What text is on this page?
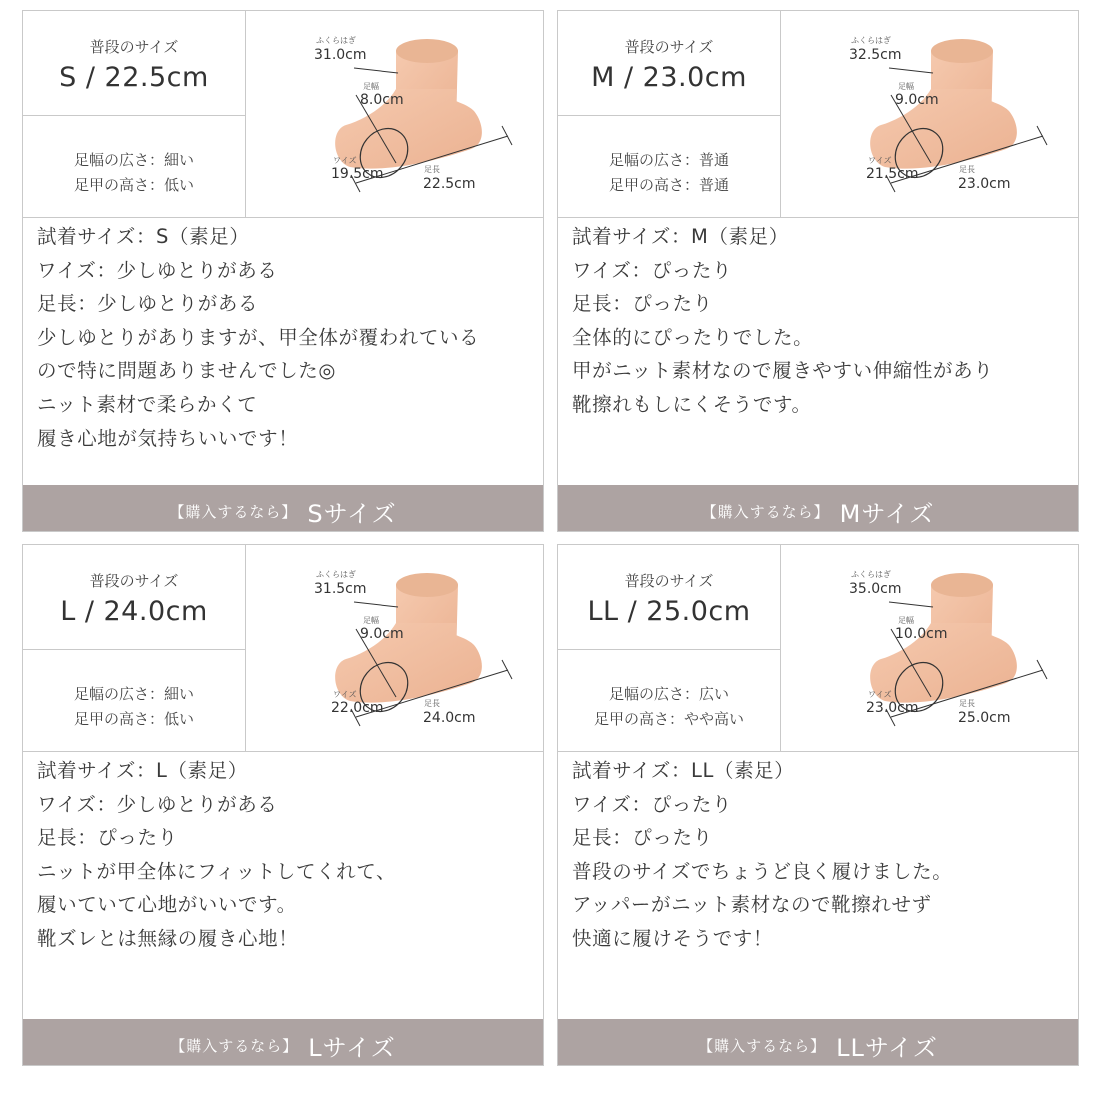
普段のサイズ
S / 22.5cm
足幅の広さ：細い
足甲の高さ：低い
ふくらはぎ
31.0cm
足幅
8.0cm
ワイズ
19.5cm	足長
22.5cm
試着サイズ：S（素足）
ワイズ：少しゆとりがある
足長：少しゆとりがある
少しゆとりがありますが、甲全体が覆われている
ので特に問題ありませんでした◎
ニット素材で柔らかくて
履き心地が気持ちいいです！
【購入するなら】 Sサイズ
普段のサイズ
M / 23.0cm
足幅の広さ：普通
足甲の高さ：普通
ふくらはぎ
32.5cm
足幅
9.0cm
ワイズ
21.5cm	足長
23.0cm
試着サイズ：M（素足）
ワイズ：ぴったり
足長：ぴったり
全体的にぴったりでした。
甲がニット素材なので履きやすい伸縮性があり
靴擦れもしにくそうです。
【購入するなら】 Mサイズ
普段のサイズ
L / 24.0cm
足幅の広さ：細い
足甲の高さ：低い
ふくらはぎ
31.5cm
足幅
9.0cm
ワイズ
22.0cm	足長
24.0cm
試着サイズ：L（素足）
ワイズ：少しゆとりがある
足長：ぴったり
ニットが甲全体にフィットしてくれて、
履いていて心地がいいです。
靴ズレとは無縁の履き心地！
【購入するなら】 Lサイズ
普段のサイズ
LL / 25.0cm
足幅の広さ：広い
足甲の高さ：やや高い
ふくらはぎ
35.0cm
足幅
10.0cm
ワイズ
23.0cm	足長
25.0cm
試着サイズ：LL（素足）
ワイズ：ぴったり
足長：ぴったり
普段のサイズでちょうど良く履けました。
アッパーがニット素材なので靴擦れせず
快適に履けそうです！
【購入するなら】 LLサイズ
